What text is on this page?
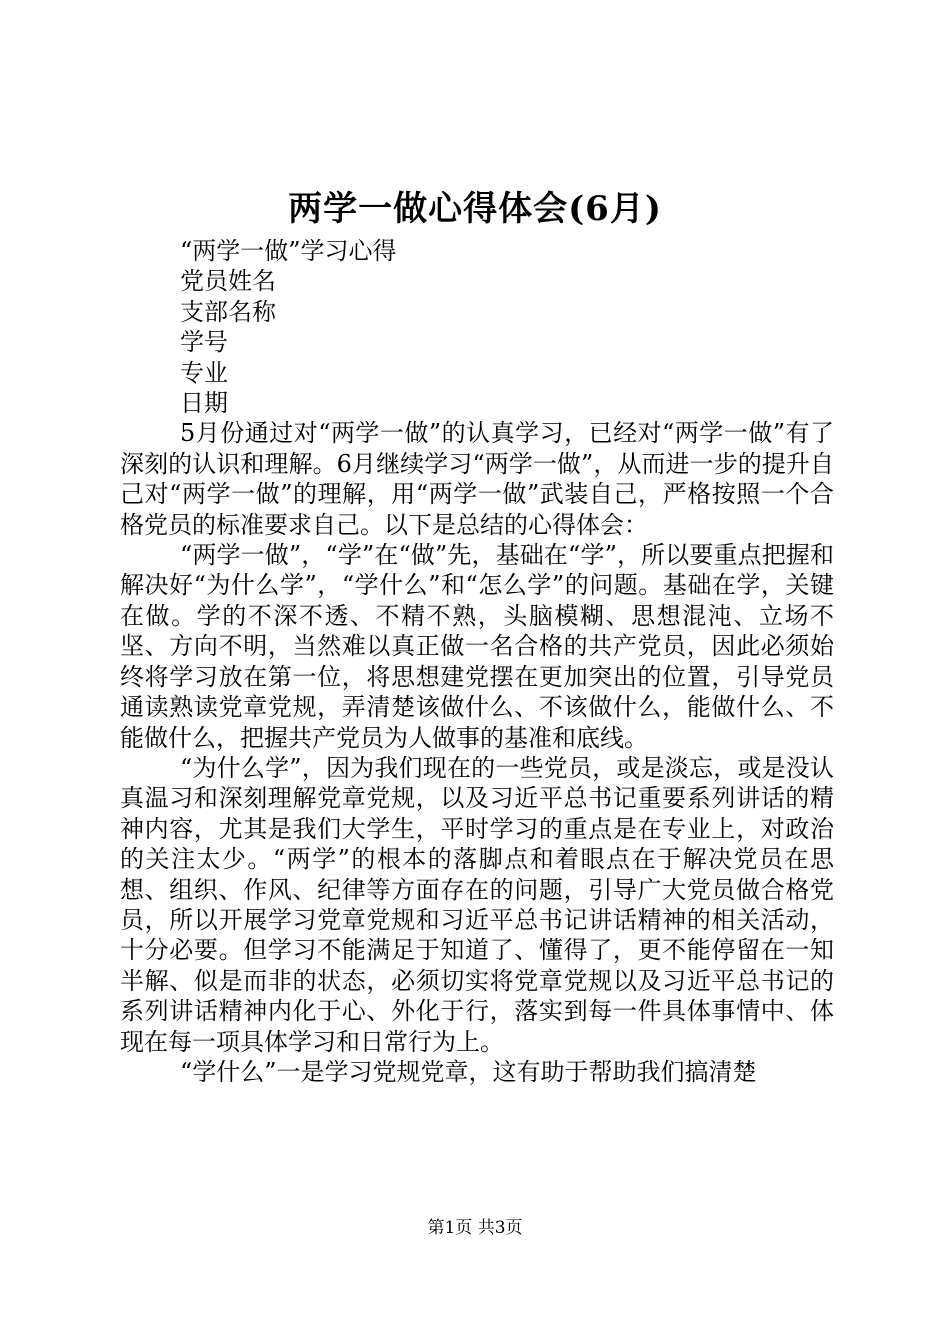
两学一做心得体会(6月)

“两学一做”学习心得

党员姓名

支部名称

学号

专业

日期

5月份通过对“两学一做”的认真学习，已经对“两学一做”有了深刻的认识和理解。6月继续学习“两学一做”，从而进一步的提升自己对“两学一做”的理解，用“两学一做”武装自己，严格按照一个合格党员的标准要求自己。以下是总结的心得体会：

“两学一做”，“学”在“做”先，基础在“学”，所以要重点把握和解决好“为什么学”，“学什么”和“怎么学”的问题。基础在学，关键在做。学的不深不透、不精不熟，头脑模糊、思想混沌、立场不坚、方向不明，当然难以真正做一名合格的共产党员，因此必须始终将学习放在第一位，将思想建党摆在更加突出的位置，引导党员通读熟读党章党规，弄清楚该做什么、不该做什么，能做什么、不能做什么，把握共产党员为人做事的基准和底线。

“为什么学”，因为我们现在的一些党员，或是淡忘，或是没认真温习和深刻理解党章党规，以及习近平总书记重要系列讲话的精神内容，尤其是我们大学生，平时学习的重点是在专业上，对政治的关注太少。“两学”的根本的落脚点和着眼点在于解决党员在思想、组织、作风、纪律等方面存在的问题，引导广大党员做合格党员，所以开展学习党章党规和习近平总书记讲话精神的相关活动，十分必要。但学习不能满足于知道了、懂得了，更不能停留在一知半解、似是而非的状态，必须切实将党章党规以及习近平总书记的系列讲话精神内化于心、外化于行，落实到每一件具体事情中、体现在每一项具体学习和日常行为上。

“学什么”一是学习党规党章，这有助于帮助我们搞清楚

第1页 共3页
